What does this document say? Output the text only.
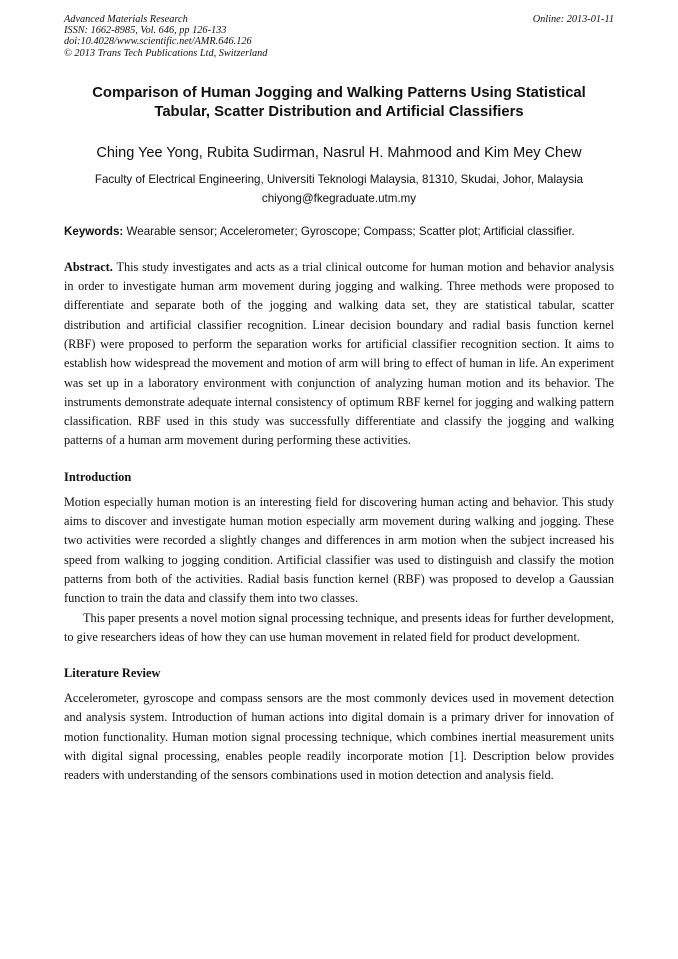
Advanced Materials Research
ISSN: 1662-8985, Vol. 646, pp 126-133
doi:10.4028/www.scientific.net/AMR.646.126
© 2013 Trans Tech Publications Ltd, Switzerland
Online: 2013-01-11
Comparison of Human Jogging and Walking Patterns Using Statistical
Tabular, Scatter Distribution and Artificial Classifiers
Ching Yee Yong, Rubita Sudirman, Nasrul H. Mahmood and Kim Mey Chew
Faculty of Electrical Engineering, Universiti Teknologi Malaysia, 81310, Skudai, Johor, Malaysia
chiyong@fkegraduate.utm.my
Keywords: Wearable sensor; Accelerometer; Gyroscope; Compass; Scatter plot; Artificial classifier.

Abstract. This study investigates and acts as a trial clinical outcome for human motion and behavior analysis in order to investigate human arm movement during jogging and walking. Three methods were proposed to differentiate and separate both of the jogging and walking data set, they are statistical tabular, scatter distribution and artificial classifier recognition. Linear decision boundary and radial basis function kernel (RBF) were proposed to perform the separation works for artificial classifier recognition section. It aims to establish how widespread the movement and motion of arm will bring to effect of human in life. An experiment was set up in a laboratory environment with conjunction of analyzing human motion and its behavior. The instruments demonstrate adequate internal consistency of optimum RBF kernel for jogging and walking pattern classification. RBF used in this study was successfully differentiate and classify the jogging and walking patterns of a human arm movement during performing these activities.

Introduction

Motion especially human motion is an interesting field for discovering human acting and behavior. This study aims to discover and investigate human motion especially arm movement during walking and jogging. These two activities were recorded a slightly changes and differences in arm motion when the subject increased his speed from walking to jogging condition. Artificial classifier was used to distinguish and classify the motion patterns from both of the activities. Radial basis function kernel (RBF) was proposed to develop a Gaussian function to train the data and classify them into two classes.

This paper presents a novel motion signal processing technique, and presents ideas for further development, to give researchers ideas of how they can use human movement in related field for product development.

Literature Review

Accelerometer, gyroscope and compass sensors are the most commonly devices used in movement detection and analysis system. Introduction of human actions into digital domain is a primary driver for innovation of motion functionality. Human motion signal processing technique, which combines inertial measurement units with digital signal processing, enables people readily incorporate motion [1]. Description below provides readers with understanding of the sensors combinations used in motion detection and analysis field.
